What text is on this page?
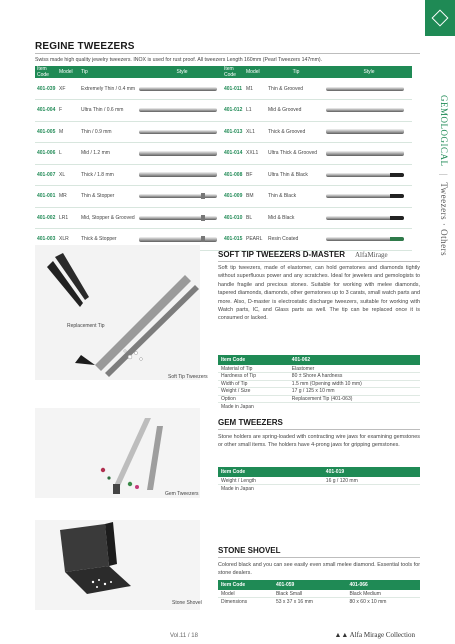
GEMOLOGICAL | Tweezers · Others
REGINE TWEEZERS
Swiss made high quality jewelry tweezers. INOX is used for rust proof. All tweezers Length 160mm (Pearl Tweezers 147mm).
Item Code	Model	Tip	Style
401-039	XF	Extremely Thin / 0.4 mm	

401-004	F	Ultra Thin / 0.6 mm	

401-005	M	Thin / 0.9 mm	

401-006	L	Mid / 1.2 mm	

401-007	XL	Thick / 1.8 mm	

401-001	MR	Thin & Stopper	

401-002	LR1	Mid, Stopper & Grooved	

401-003	XLR	Thick & Stopper	
Item Code	Model	Tip	Style
401-011	M1	Thin & Grooved	

401-012	L1	Mid & Grooved	

401-013	XL1	Thick & Grooved	

401-014	XXL1	Ultra Thick & Grooved	

401-008	BF	Ultra Thin & Black	

401-009	BM	Thin & Black	

401-010	BL	Mid & Black	

401-015	PEARL	Resin Coated	
Replacement Tip
Soft Tip Tweezers
SOFT TIP TWEEZERS D-MASTER AlfaMirage
Soft tip tweezers, made of elastomer, can hold gemstones and diamonds tightly without superfluous power and any scratches. Ideal for jewelers and gemologists to handle fragile and precious stones. Suitable for working with melee diamonds, tapered diamonds, diamonds, other gemstones up to 3 carats, small watch parts and more. Also, D-master is electrostatic discharge tweezers, suitable for working with Watch parts, IC, and Glass parts as well. The tip can be replaced once it is consumed or lacked.
Item Code	401-062
Material of Tip	Elastomer
Hardness of Tip	80 ± Shore A hardness
Width of Tip	1.5 mm (Opening width 10 mm)
Weight / Size	17 g / 125 x 10 mm
Option	Replacement Tip (401-063)
Made in Japan	
Gem Tweezers
GEM TWEEZERS
Stone holders are spring-loaded with contracting wire jaws for examining gemstones or other small items. The holders have 4-prong jaws for gripping gemstones.
Item Code	401-019
Weight / Length	16 g / 120 mm
Made in Japan	
Stone Shovel
STONE SHOVEL
Colored black and you can see easily even small melee diamond. Essential tools for stone dealers.
Item Code	401-059	401-066
Model	Black Small	Black Medium
Dimensions	53 x 37 x 16 mm	80 x 60 x 10 mm
Vol.11 / 18	▲▲ Alfa Mirage Collection
